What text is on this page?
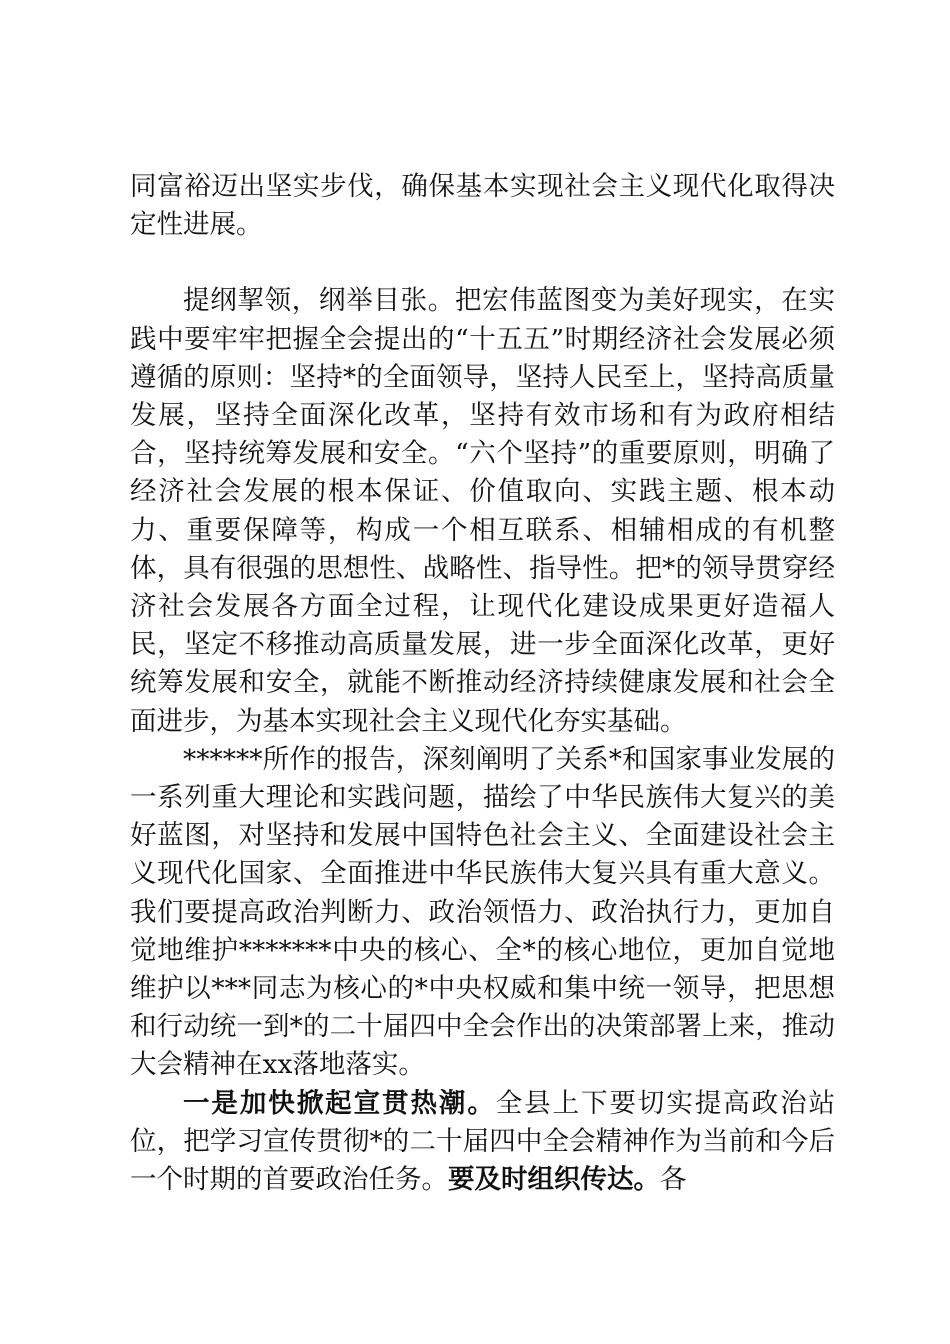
同富裕迈出坚实步伐，确保基本实现社会主义现代化取得决定性进展。

提纲挈领，纲举目张。把宏伟蓝图变为美好现实，在实践中要牢牢把握全会提出的“十五五”时期经济社会发展必须遵循的原则：坚持*的全面领导，坚持人民至上，坚持高质量发展，坚持全面深化改革，坚持有效市场和有为政府相结合，坚持统筹发展和安全。“六个坚持”的重要原则，明确了经济社会发展的根本保证、价值取向、实践主题、根本动力、重要保障等，构成一个相互联系、相辅相成的有机整体，具有很强的思想性、战略性、指导性。把*的领导贯穿经济社会发展各方面全过程，让现代化建设成果更好造福人民，坚定不移推动高质量发展，进一步全面深化改革，更好统筹发展和安全，就能不断推动经济持续健康发展和社会全面进步，为基本实现社会主义现代化夯实基础。

******所作的报告，深刻阐明了关系*和国家事业发展的一系列重大理论和实践问题，描绘了中华民族伟大复兴的美好蓝图，对坚持和发展中国特色社会主义、全面建设社会主义现代化国家、全面推进中华民族伟大复兴具有重大意义。我们要提高政治判断力、政治领悟力、政治执行力，更加自觉地维护*******中央的核心、全*的核心地位，更加自觉地维护以***同志为核心的*中央权威和集中统一领导，把思想和行动统一到*的二十届四中全会作出的决策部署上来，推动大会精神在xx落地落实。

一是加快掀起宣贯热潮。全县上下要切实提高政治站位，把学习宣传贯彻*的二十届四中全会精神作为当前和今后一个时期的首要政治任务。要及时组织传达。各
